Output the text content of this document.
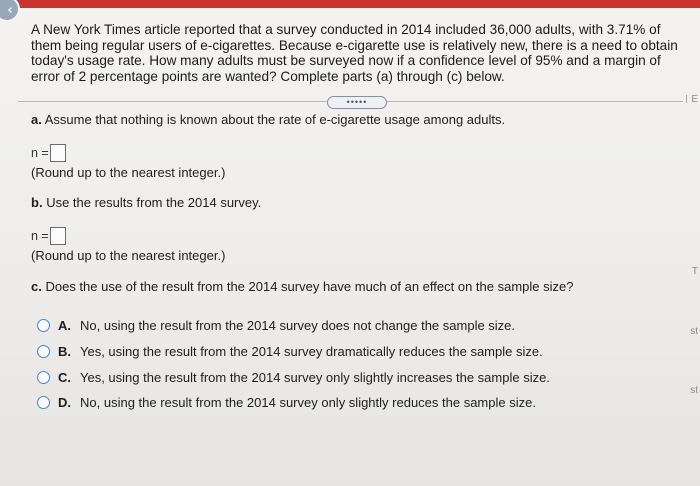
‹
A New York Times article reported that a survey conducted in 2014 included 36,000 adults, with 3.71% of them being regular users of e-cigarettes. Because e-cigarette use is relatively new, there is a need to obtain today's usage rate. How many adults must be surveyed now if a confidence level of 95% and a margin of error of 2 percentage points are wanted? Complete parts (a) through (c) below.
•••••
a. Assume that nothing is known about the rate of e-cigarette usage among adults.
n =
(Round up to the nearest integer.)
b. Use the results from the 2014 survey.
n =
(Round up to the nearest integer.)
c. Does the use of the result from the 2014 survey have much of an effect on the sample size?
A. No, using the result from the 2014 survey does not change the sample size.
B. Yes, using the result from the 2014 survey dramatically reduces the sample size.
C. Yes, using the result from the 2014 survey only slightly increases the sample size.
D. No, using the result from the 2014 survey only slightly reduces the sample size.
E
T
st
st
